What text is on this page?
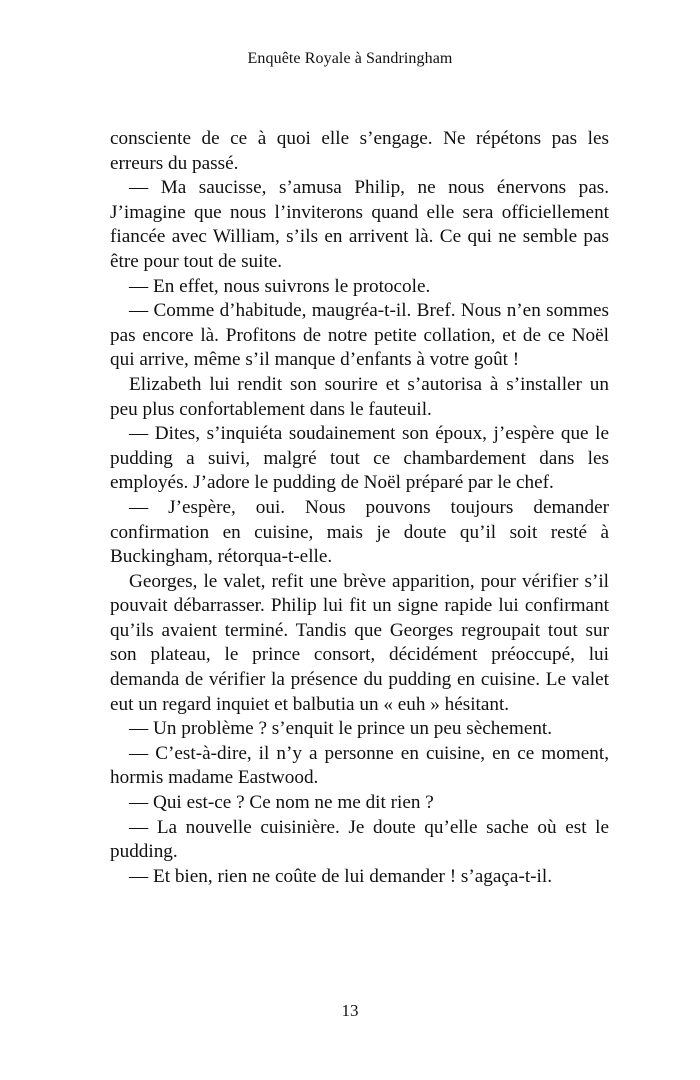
Enquête Royale à Sandringham

consciente de ce à quoi elle s’engage. Ne répétons pas les erreurs du passé.

— Ma saucisse, s’amusa Philip, ne nous énervons pas. J’imagine que nous l’inviterons quand elle sera officiellement fiancée avec William, s’ils en arrivent là. Ce qui ne semble pas être pour tout de suite.

— En effet, nous suivrons le protocole.

— Comme d’habitude, maugréa-t-il. Bref. Nous n’en sommes pas encore là. Profitons de notre petite collation, et de ce Noël qui arrive, même s’il manque d’enfants à votre goût !

Elizabeth lui rendit son sourire et s’autorisa à s’installer un peu plus confortablement dans le fauteuil.

— Dites, s’inquiéta soudainement son époux, j’espère que le pudding a suivi, malgré tout ce chambardement dans les employés. J’adore le pudding de Noël préparé par le chef.

— J’espère, oui. Nous pouvons toujours demander confirmation en cuisine, mais je doute qu’il soit resté à Buckingham, rétorqua-t-elle.

Georges, le valet, refit une brève apparition, pour vérifier s’il pouvait débarrasser. Philip lui fit un signe rapide lui confirmant qu’ils avaient terminé. Tandis que Georges regroupait tout sur son plateau, le prince consort, décidément préoccupé, lui demanda de vérifier la présence du pudding en cuisine. Le valet eut un regard inquiet et balbutia un « euh » hésitant.

— Un problème ? s’enquit le prince un peu sèchement.

— C’est-à-dire, il n’y a personne en cuisine, en ce moment, hormis madame Eastwood.

— Qui est-ce ? Ce nom ne me dit rien ?

— La nouvelle cuisinière. Je doute qu’elle sache où est le pudding.

— Et bien, rien ne coûte de lui demander ! s’agaça-t-il.

13
